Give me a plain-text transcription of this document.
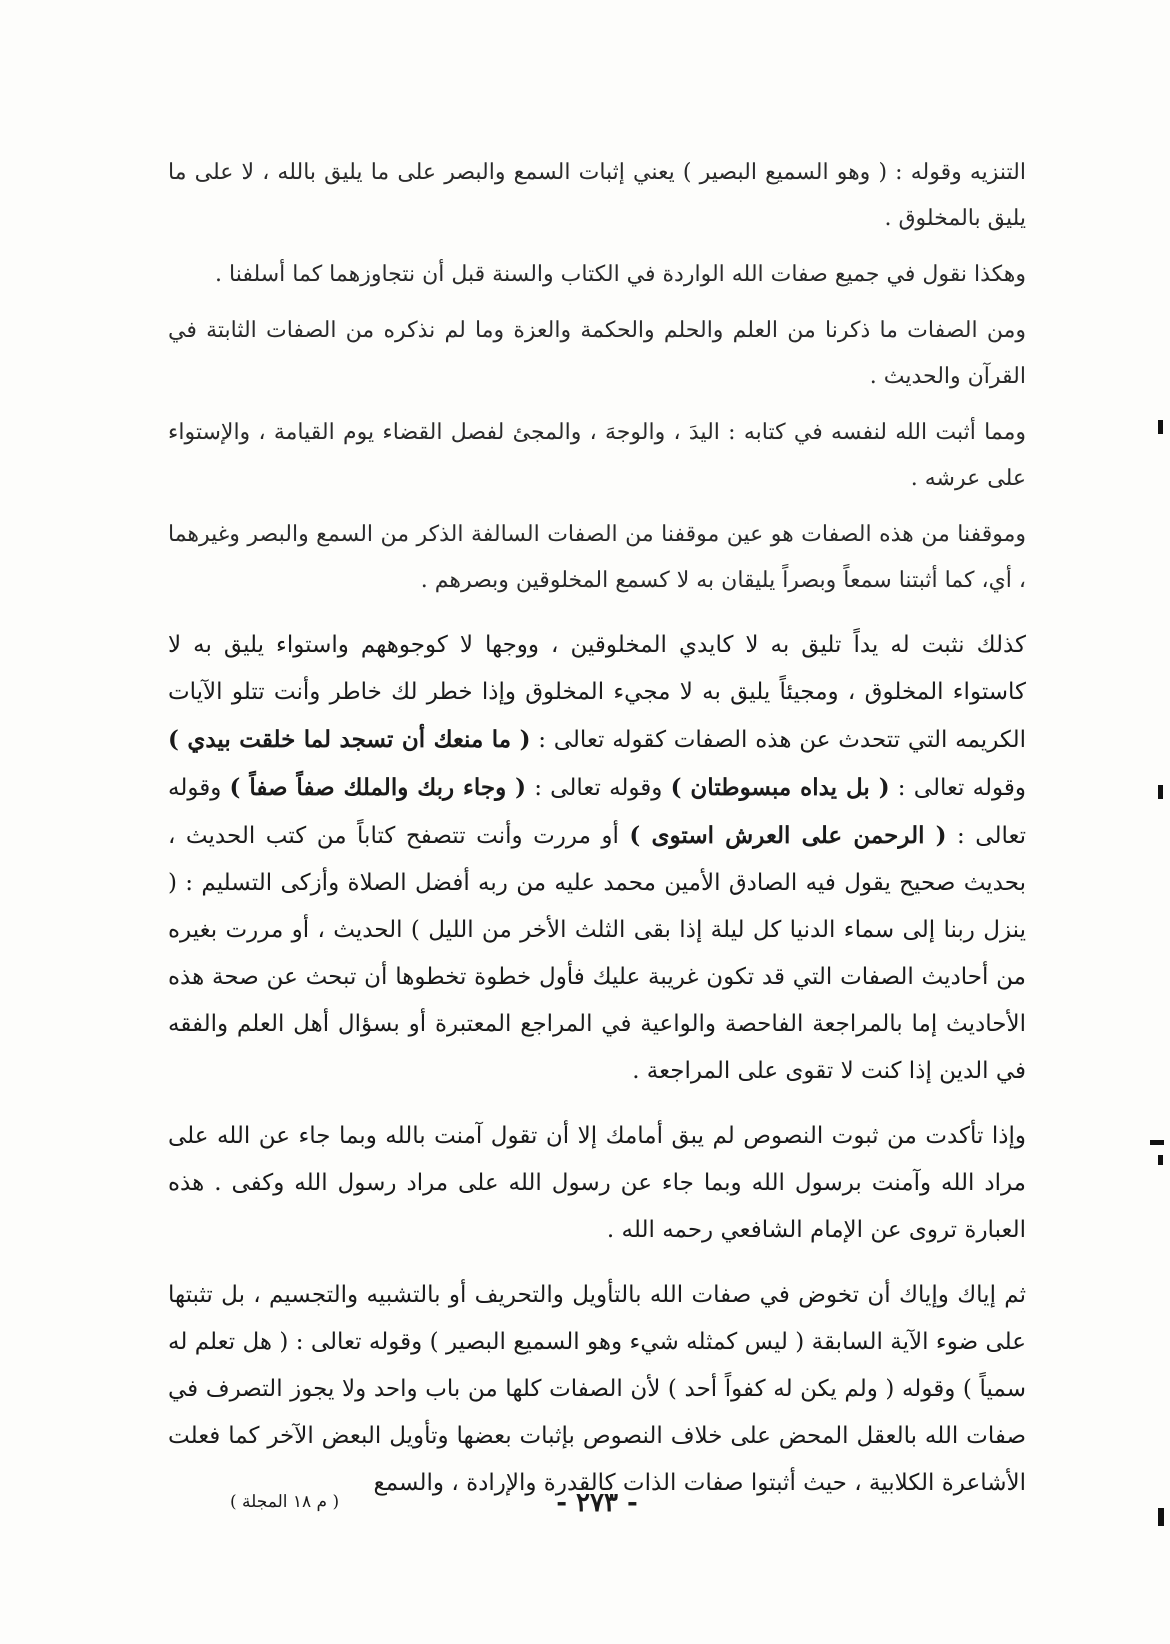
التنزيه وقوله : ( وهو السميع البصير ) يعني إثبات السمع والبصر على ما يليق بالله ، لا على ما يليق بالمخلوق .

وهكذا نقول في جميع صفات الله الواردة في الكتاب والسنة قبل أن نتجاوزهما كما أسلفنا .

ومن الصفات ما ذكرنا من العلم والحلم والحكمة والعزة وما لم نذكره من الصفات الثابتة في القرآن والحديث .

ومما أثبت الله لنفسه في كتابه : اليدَ ، والوجهَ ، والمجئ لفصل القضاء يوم القيامة ، والإستواء على عرشه .

وموقفنا من هذه الصفات هو عين موقفنا من الصفات السالفة الذكر من السمع والبصر وغيرهما ، أي، كما أثبتنا سمعاً وبصراً يليقان به لا كسمع المخلوقين وبصرهم .

كذلك نثبت له يداً تليق به لا كايدي المخلوقين ، ووجها لا كوجوههم واستواء يليق به لا كاستواء المخلوق ، ومجيئاً يليق به لا مجيء المخلوق وإذا خطر لك خاطر وأنت تتلو الآيات الكريمه التي تتحدث عن هذه الصفات كقوله تعالى : ( ما منعك أن تسجد لما خلقت بيدي ) وقوله تعالى : ( بل يداه مبسوطتان ) وقوله تعالى : ( وجاء ربك والملك صفاً صفاً ) وقوله تعالى : ( الرحمن على العرش استوى ) أو مررت وأنت تتصفح كتاباً من كتب الحديث ، بحديث صحيح يقول فيه الصادق الأمين محمد عليه من ربه أفضل الصلاة وأزكى التسليم : ( ينزل ربنا إلى سماء الدنيا كل ليلة إذا بقى الثلث الأخر من الليل ) الحديث ، أو مررت بغيره من أحاديث الصفات التي قد تكون غريبة عليك فأول خطوة تخطوها أن تبحث عن صحة هذه الأحاديث إما بالمراجعة الفاحصة والواعية في المراجع المعتبرة أو بسؤال أهل العلم والفقه في الدين إذا كنت لا تقوى على المراجعة .

وإذا تأكدت من ثبوت النصوص لم يبق أمامك إلا أن تقول آمنت بالله وبما جاء عن الله على مراد الله وآمنت برسول الله وبما جاء عن رسول الله على مراد رسول الله وكفى . هذه العبارة تروى عن الإمام الشافعي رحمه الله .

ثم إياك وإياك أن تخوض في صفات الله بالتأويل والتحريف أو بالتشبيه والتجسيم ، بل تثبتها على ضوء الآية السابقة ( ليس كمثله شيء وهو السميع البصير ) وقوله تعالى : ( هل تعلم له سمياً ) وقوله ( ولم يكن له كفواً أحد ) لأن الصفات كلها من باب واحد ولا يجوز التصرف في صفات الله بالعقل المحض على خلاف النصوص بإثبات بعضها وتأويل البعض الآخر كما فعلت الأشاعرة الكلابية ، حيث أثبتوا صفات الذات كالقدرة والإرادة ، والسمع

- ٢٧٣ -
( م ١٨ المجلة )
